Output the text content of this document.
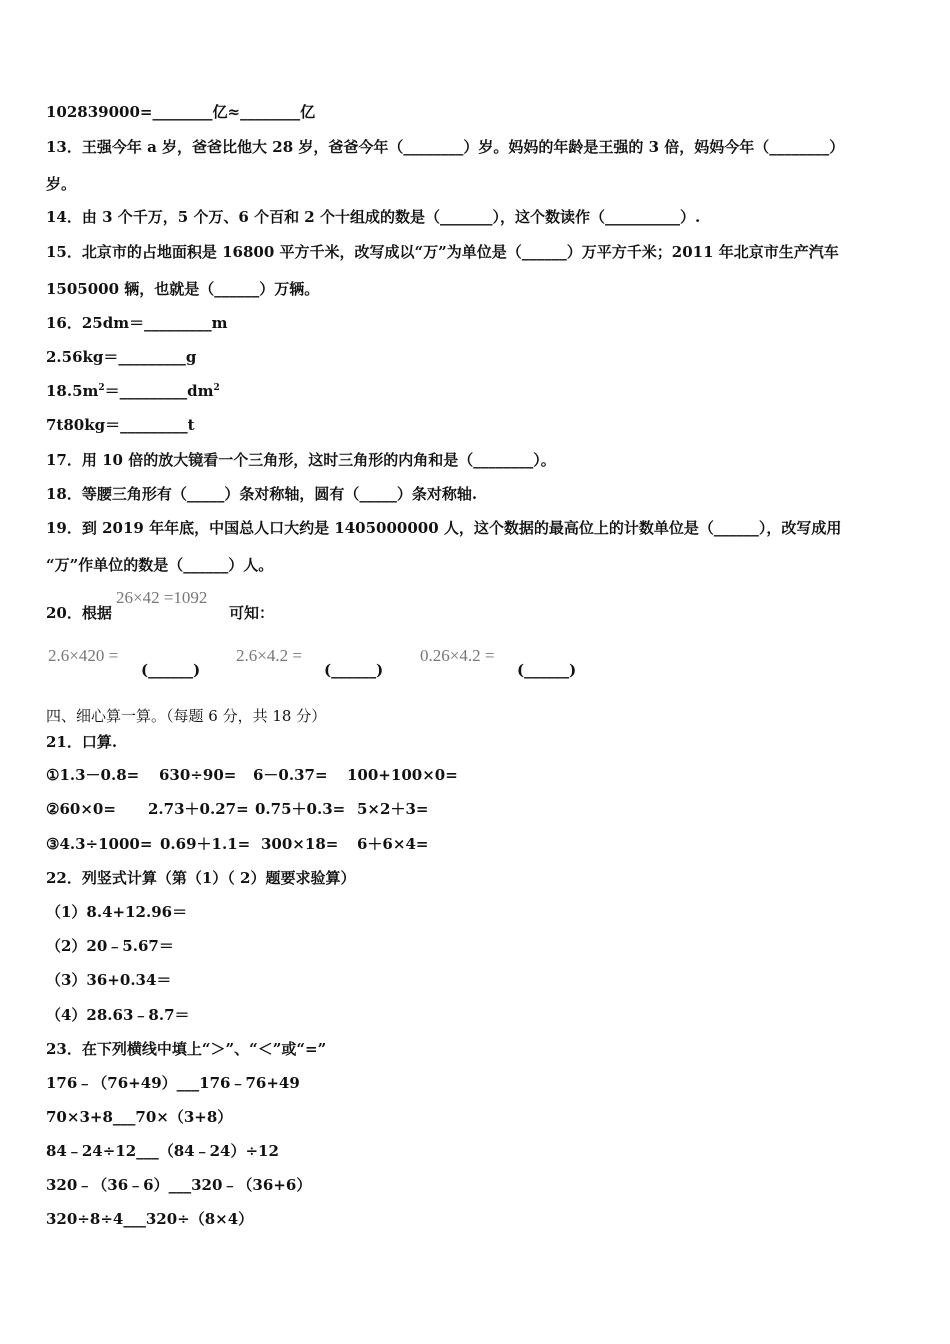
102839000=________亿≈________亿
13．王强今年 a 岁，爸爸比他大 28 岁，爸爸今年（________）岁。妈妈的年龄是王强的 3 倍，妈妈今年（________）
岁。
14．由 3 个千万，5 个万、6 个百和 2 个十组成的数是（_______），这个数读作（__________）.
15．北京市的占地面积是 16800 平方千米，改写成以“万”为单位是（______）万平方千米；2011 年北京市生产汽车
1505000 辆，也就是（______）万辆。
16．25dm＝_________m
2.56kg＝_________g
$18.5m^2=\_\_\_\_\_\_\_\_\_dm^2$
7t80kg＝_________t
17．用 10 倍的放大镜看一个三角形，这时三角形的内角和是（________）。
18．等腰三角形有（_____）条对称轴，圆有（_____）条对称轴.
19．到 2019 年年底，中国总人口大约是 1405000000 人，这个数据的最高位上的计数单位是（______），改写成用
“万”作单位的数是（______）人。
20．根据
26×42 =1092
可知：
2.6×420 =
(______)
2.6×4.2 =
(______)
0.26×4.2 =
(______)
四、细心算一算。（每题 6 分，共 18 分）
21．口算.
①1.3－0.8= 630÷90= 6－0.37= 100+100×0=
②60×0= 2.73＋0.27= 0.75＋0.3= 5×2＋3=
③4.3÷1000= 0.69＋1.1= 300×18= 6＋6×4=
22．列竖式计算（第（1）（ 2）题要求验算）
（1）8.4+12.96＝
（2）20﹣5.67＝
（3）36+0.34＝
（4）28.63﹣8.7＝
23．在下列横线中填上“＞”、“＜”或“=”
176﹣（76+49）___176﹣76+49
70×3+8___70×（3+8）
84﹣24÷12___（84﹣24）÷12
320﹣（36﹣6）___320﹣（36+6）
320÷8÷4___320÷（8×4）
